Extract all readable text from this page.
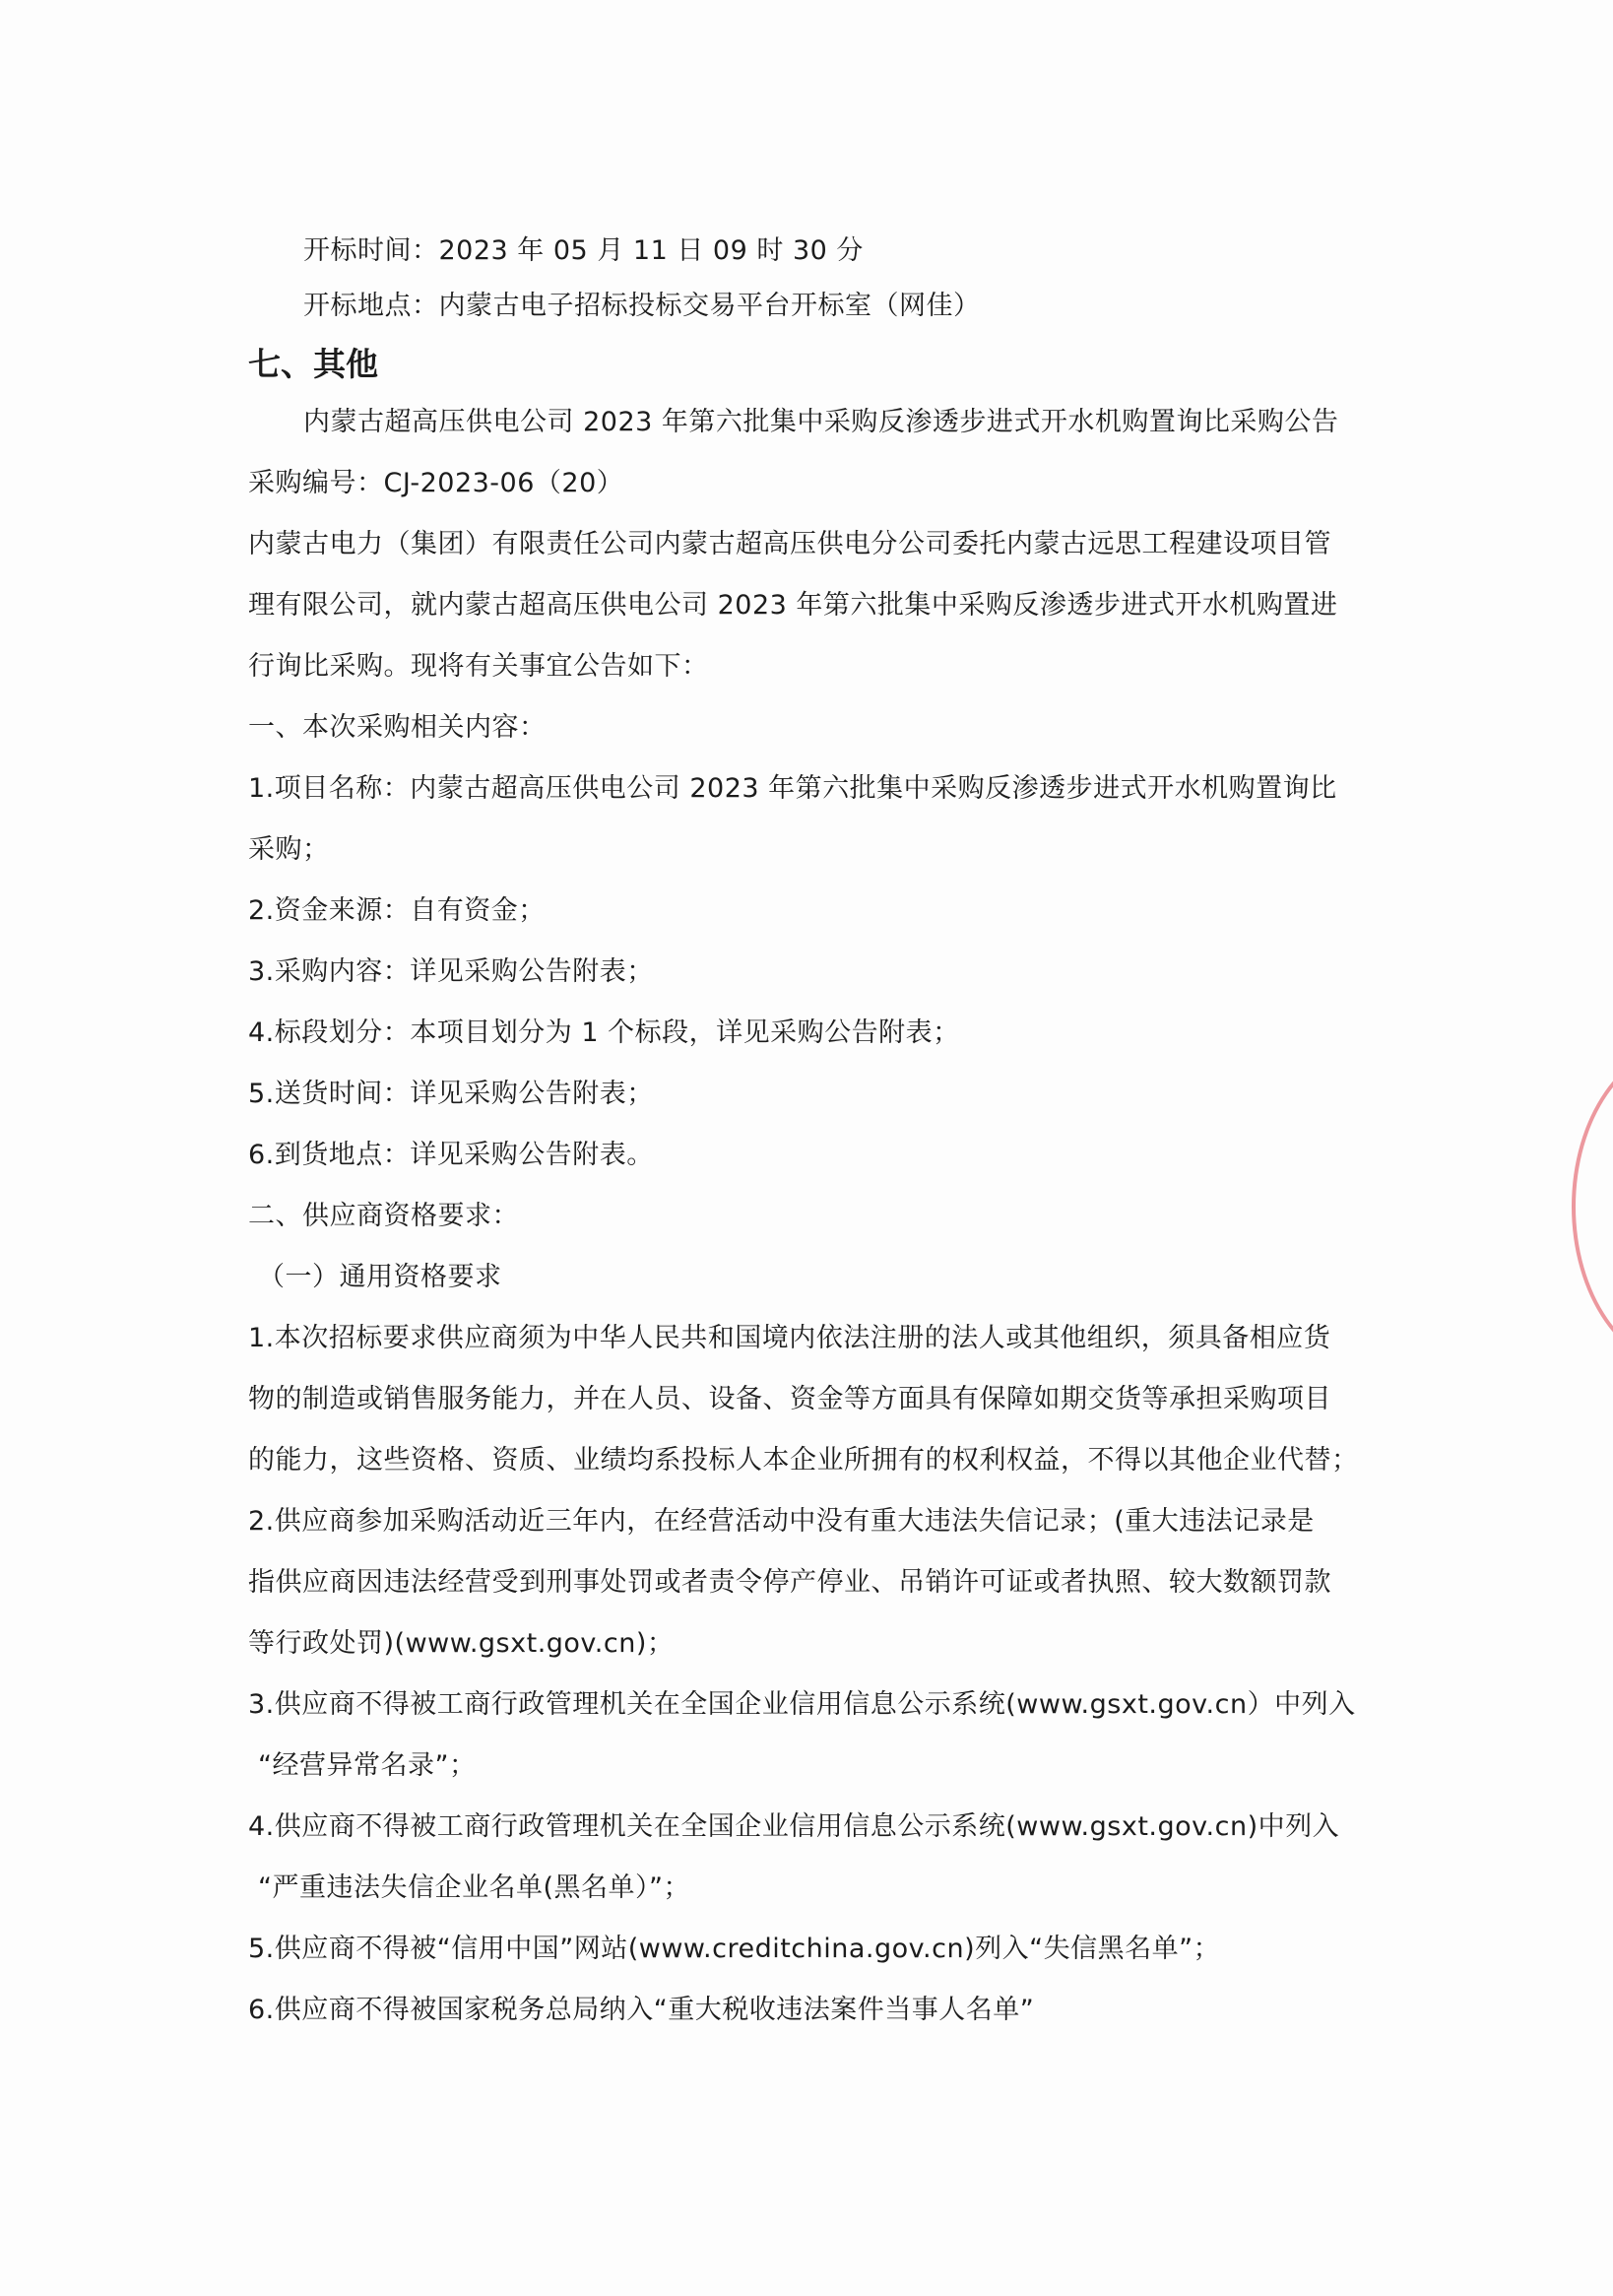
开标时间：2023 年 05 月 11 日 09 时 30 分
开标地点：内蒙古电子招标投标交易平台开标室（网佳）
七、其他
内蒙古超高压供电公司 2023 年第六批集中采购反渗透步进式开水机购置询比采购公告
采购编号：CJ-2023-06（20）
内蒙古电力（集团）有限责任公司内蒙古超高压供电分公司委托内蒙古远思工程建设项目管
理有限公司，就内蒙古超高压供电公司 2023 年第六批集中采购反渗透步进式开水机购置进
行询比采购。现将有关事宜公告如下：
一、本次采购相关内容：
1.项目名称：内蒙古超高压供电公司 2023 年第六批集中采购反渗透步进式开水机购置询比
采购；
2.资金来源：自有资金；
3.采购内容：详见采购公告附表；
4.标段划分：本项目划分为 1 个标段，详见采购公告附表；
5.送货时间：详见采购公告附表；
6.到货地点：详见采购公告附表。
二、供应商资格要求：
（一）通用资格要求
1.本次招标要求供应商须为中华人民共和国境内依法注册的法人或其他组织，须具备相应货
物的制造或销售服务能力，并在人员、设备、资金等方面具有保障如期交货等承担采购项目
的能力，这些资格、资质、业绩均系投标人本企业所拥有的权利权益，不得以其他企业代替；
2.供应商参加采购活动近三年内，在经营活动中没有重大违法失信记录；(重大违法记录是
指供应商因违法经营受到刑事处罚或者责令停产停业、吊销许可证或者执照、较大数额罚款
等行政处罚)(www.gsxt.gov.cn)；
3.供应商不得被工商行政管理机关在全国企业信用信息公示系统(www.gsxt.gov.cn）中列入
“经营异常名录”；
4.供应商不得被工商行政管理机关在全国企业信用信息公示系统(www.gsxt.gov.cn)中列入
“严重违法失信企业名单(黑名单）”；
5.供应商不得被“信用中国”网站(www.creditchina.gov.cn)列入“失信黑名单”；
6.供应商不得被国家税务总局纳入“重大税收违法案件当事人名单”
